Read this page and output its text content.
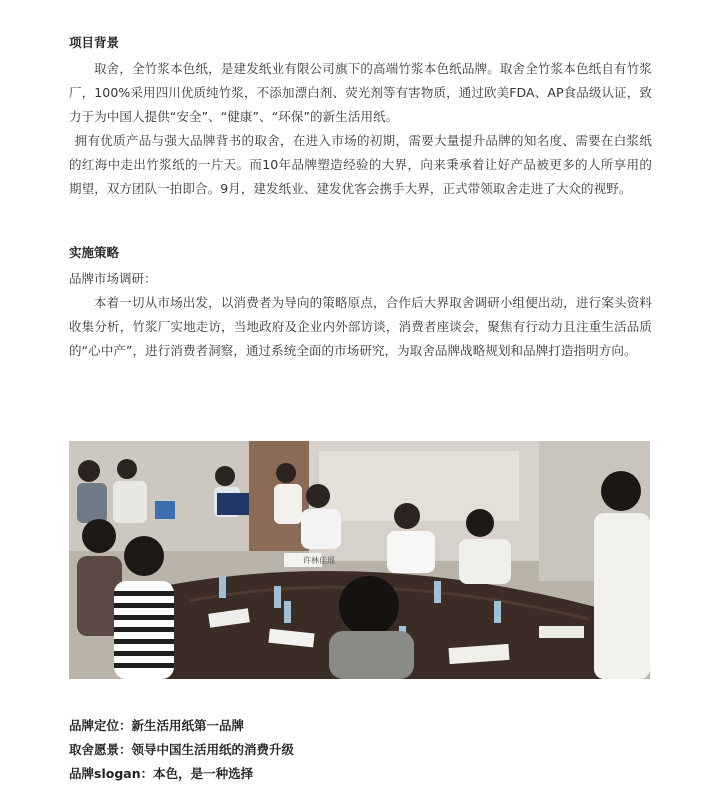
项目背景

取舍，全竹浆本色纸，是建发纸业有限公司旗下的高端竹浆本色纸品牌。取舍全竹浆本色纸自有竹浆厂，100%采用四川优质纯竹浆，不添加漂白剂、荧光剂等有害物质，通过欧美FDA、AP食品级认证，致力于为中国人提供“安全”、“健康”、“环保”的新生活用纸。

拥有优质产品与强大品牌背书的取舍，在进入市场的初期，需要大量提升品牌的知名度、需要在白浆纸的红海中走出竹浆纸的一片天。而10年品牌塑造经验的大界，向来秉承着让好产品被更多的人所享用的期望，双方团队一拍即合。9月，建发纸业、建发优客会携手大界，正式带领取舍走进了大众的视野。

实施策略

品牌市场调研：

本着一切从市场出发，以消费者为导向的策略原点，合作后大界取舍调研小组便出动，进行案头资料收集分析，竹浆厂实地走访，当地政府及企业内外部访谈，消费者座谈会，聚焦有行动力且注重生活品质的“心中产”，进行消费者洞察，通过系统全面的市场研究，为取舍品牌战略规划和品牌打造指明方向。

许林佳瑶

品牌定位：新生活用纸第一品牌

取舍愿景：领导中国生活用纸的消费升级

品牌slogan：本色，是一种选择
